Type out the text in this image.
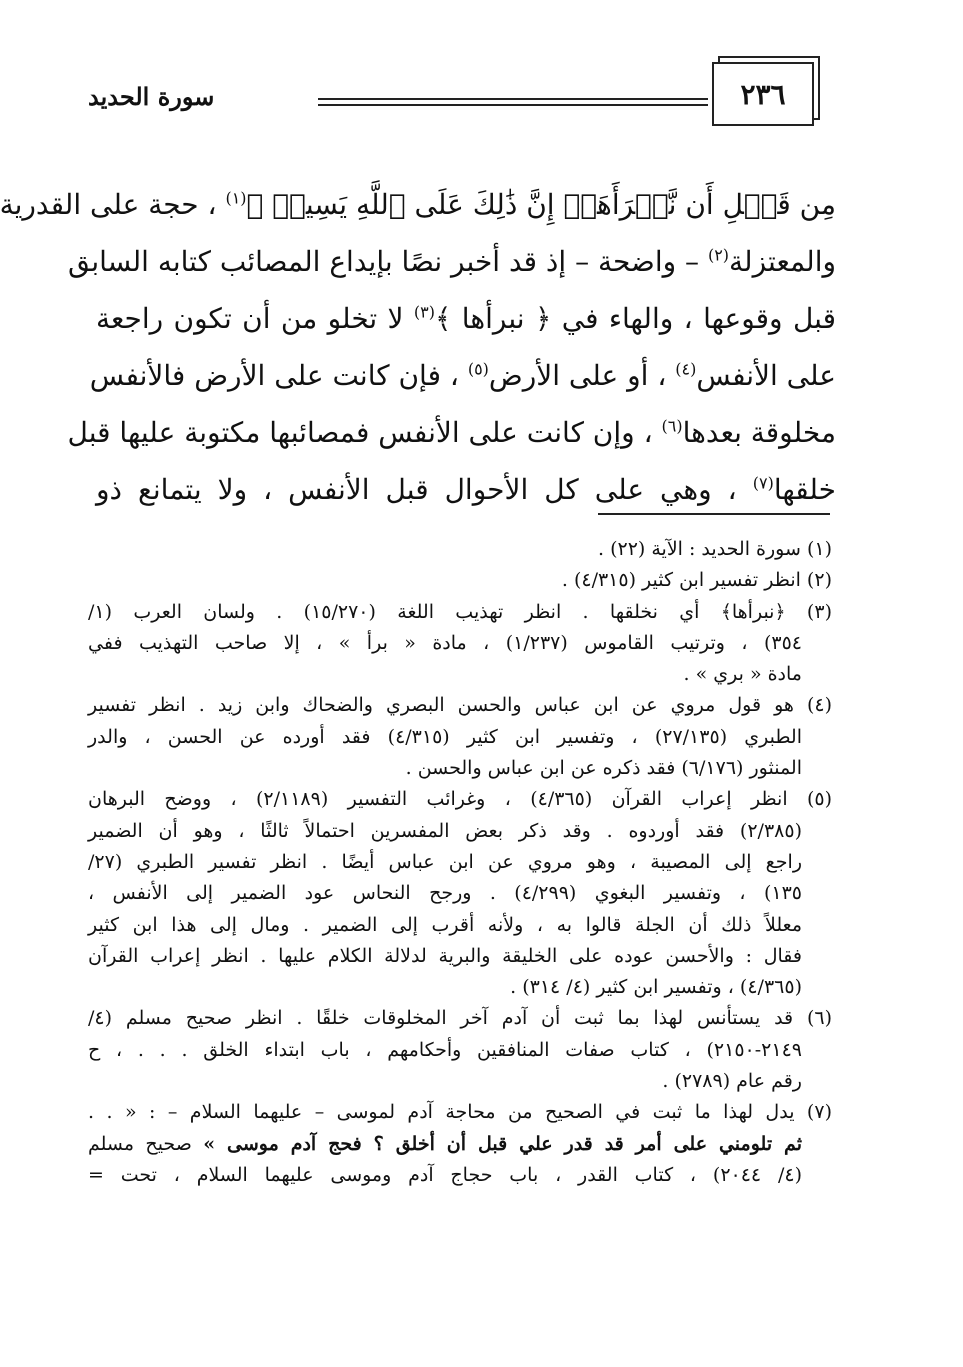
٢٣٦
سورة الحديد
مِن قَبۡلِ أَن نَّبۡرَأَهَآۚ إِنَّ ذَٰلِكَ عَلَى ٱللَّهِ يَسِيرٞ ﴾$^{(١)}$ ، حجة على القدرية
والمعتزلة$^{(٢)}$ – واضحة – إذ قد أخبر نصًا بإيداع المصائب كتابه السابق
قبل وقوعها ، والهاء في ﴿ نبرأها ﴾$^{(٣)}$ لا تخلو من أن تكون راجعة
على الأنفس$^{(٤)}$ ، أو على الأرض$^{(٥)}$ ، فإن كانت على الأرض فالأنفس
مخلوقة بعدها$^{(٦)}$ ، وإن كانت على الأنفس فمصائبها مكتوبة عليها قبل
خلقها$^{(٧)}$ ، وهي على كل الأحوال قبل الأنفس ، ولا يتمانع ذو
(١) سورة الحديد : الآية (٢٢) .
(٢) انظر تفسير ابن كثير (٤/٣١٥) .
(٣) ﴿نبرأها﴾ أي نخلقها . انظر تهذيب اللغة (١٥/٢٧٠) . ولسان العرب (١/
٣٥٤) ، وترتيب القاموس (١/٢٣٧) ، مادة « برأ » ، إلا صاحب التهذيب ففي
مادة « بري » .
(٤) هو قول مروي عن ابن عباس والحسن البصري والضحاك وابن زيد . انظر تفسير
الطبري (٢٧/١٣٥) ، وتفسير ابن كثير (٤/٣١٥) فقد أورده عن الحسن ، والدر
المنثور (٦/١٧٦) فقد ذكره عن ابن عباس والحسن .
(٥) انظر إعراب القرآن (٤/٣٦٥) ، وغرائب التفسير (٢/١١٨٩) ، ووضح البرهان
(٢/٣٨٥) فقد أوردوه . وقد ذكر بعض المفسرين احتمالاً ثالثًا ، وهو أن الضمير
راجع إلى المصيبة ، وهو مروي عن ابن عباس أيضًا . انظر تفسير الطبري (٢٧/
١٣٥) ، وتفسير البغوي (٤/٢٩٩) . ورجح النحاس عود الضمير إلى الأنفس ،
معللاً ذلك أن الجلة قالوا به ، ولأنه أقرب إلى الضمير . ومال إلى هذا ابن كثير
فقال : والأحسن عوده على الخليقة والبرية لدلالة الكلام عليها . انظر إعراب القرآن
(٤/٣٦٥) ، وتفسير ابن كثير (٤/ ٣١٤) .
(٦) قد يستأنس لهذا بما ثبت أن آدم آخر المخلوقات خلقًا . انظر صحيح مسلم (٤/
٢١٤٩-٢١٥٠) ، كتاب صفات المنافقين وأحكامهم ، باب ابتداء الخلق . . . ، ح
رقم عام (٢٧٨٩) .
(٧) يدل لهذا ما ثبت في الصحيح من محاجة آدم لموسى – عليهما السلام – : « . .
ثم تلومني على أمر قد قدر علي قبل أن أخلق ؟ فحج آدم موسى » صحيح مسلم
(٤/ ٢٠٤٤) ، كتاب القدر ، باب حجاج آدم وموسى عليهما السلام ، تحت =
